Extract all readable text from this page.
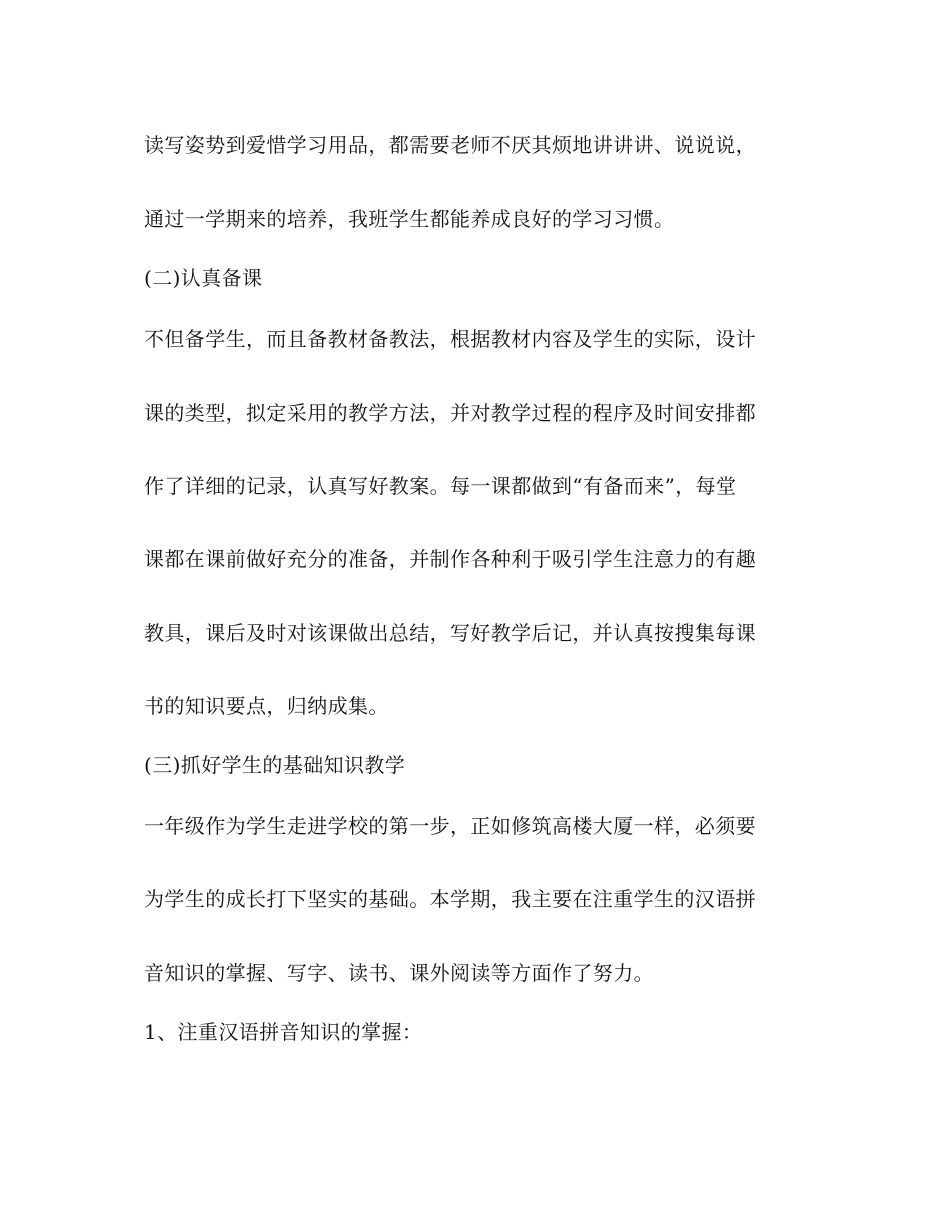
读写姿势到爱惜学习用品，都需要老师不厌其烦地讲讲讲、说说说，
通过一学期来的培养，我班学生都能养成良好的学习习惯。
(二)认真备课
不但备学生，而且备教材备教法，根据教材内容及学生的实际，设计
课的类型，拟定采用的教学方法，并对教学过程的程序及时间安排都
作了详细的记录，认真写好教案。每一课都做到“有备而来”，每堂
课都在课前做好充分的准备，并制作各种利于吸引学生注意力的有趣
教具，课后及时对该课做出总结，写好教学后记，并认真按搜集每课
书的知识要点，归纳成集。
(三)抓好学生的基础知识教学
一年级作为学生走进学校的第一步，正如修筑高楼大厦一样，必须要
为学生的成长打下坚实的基础。本学期，我主要在注重学生的汉语拼
音知识的掌握、写字、读书、课外阅读等方面作了努力。
1、注重汉语拼音知识的掌握：
